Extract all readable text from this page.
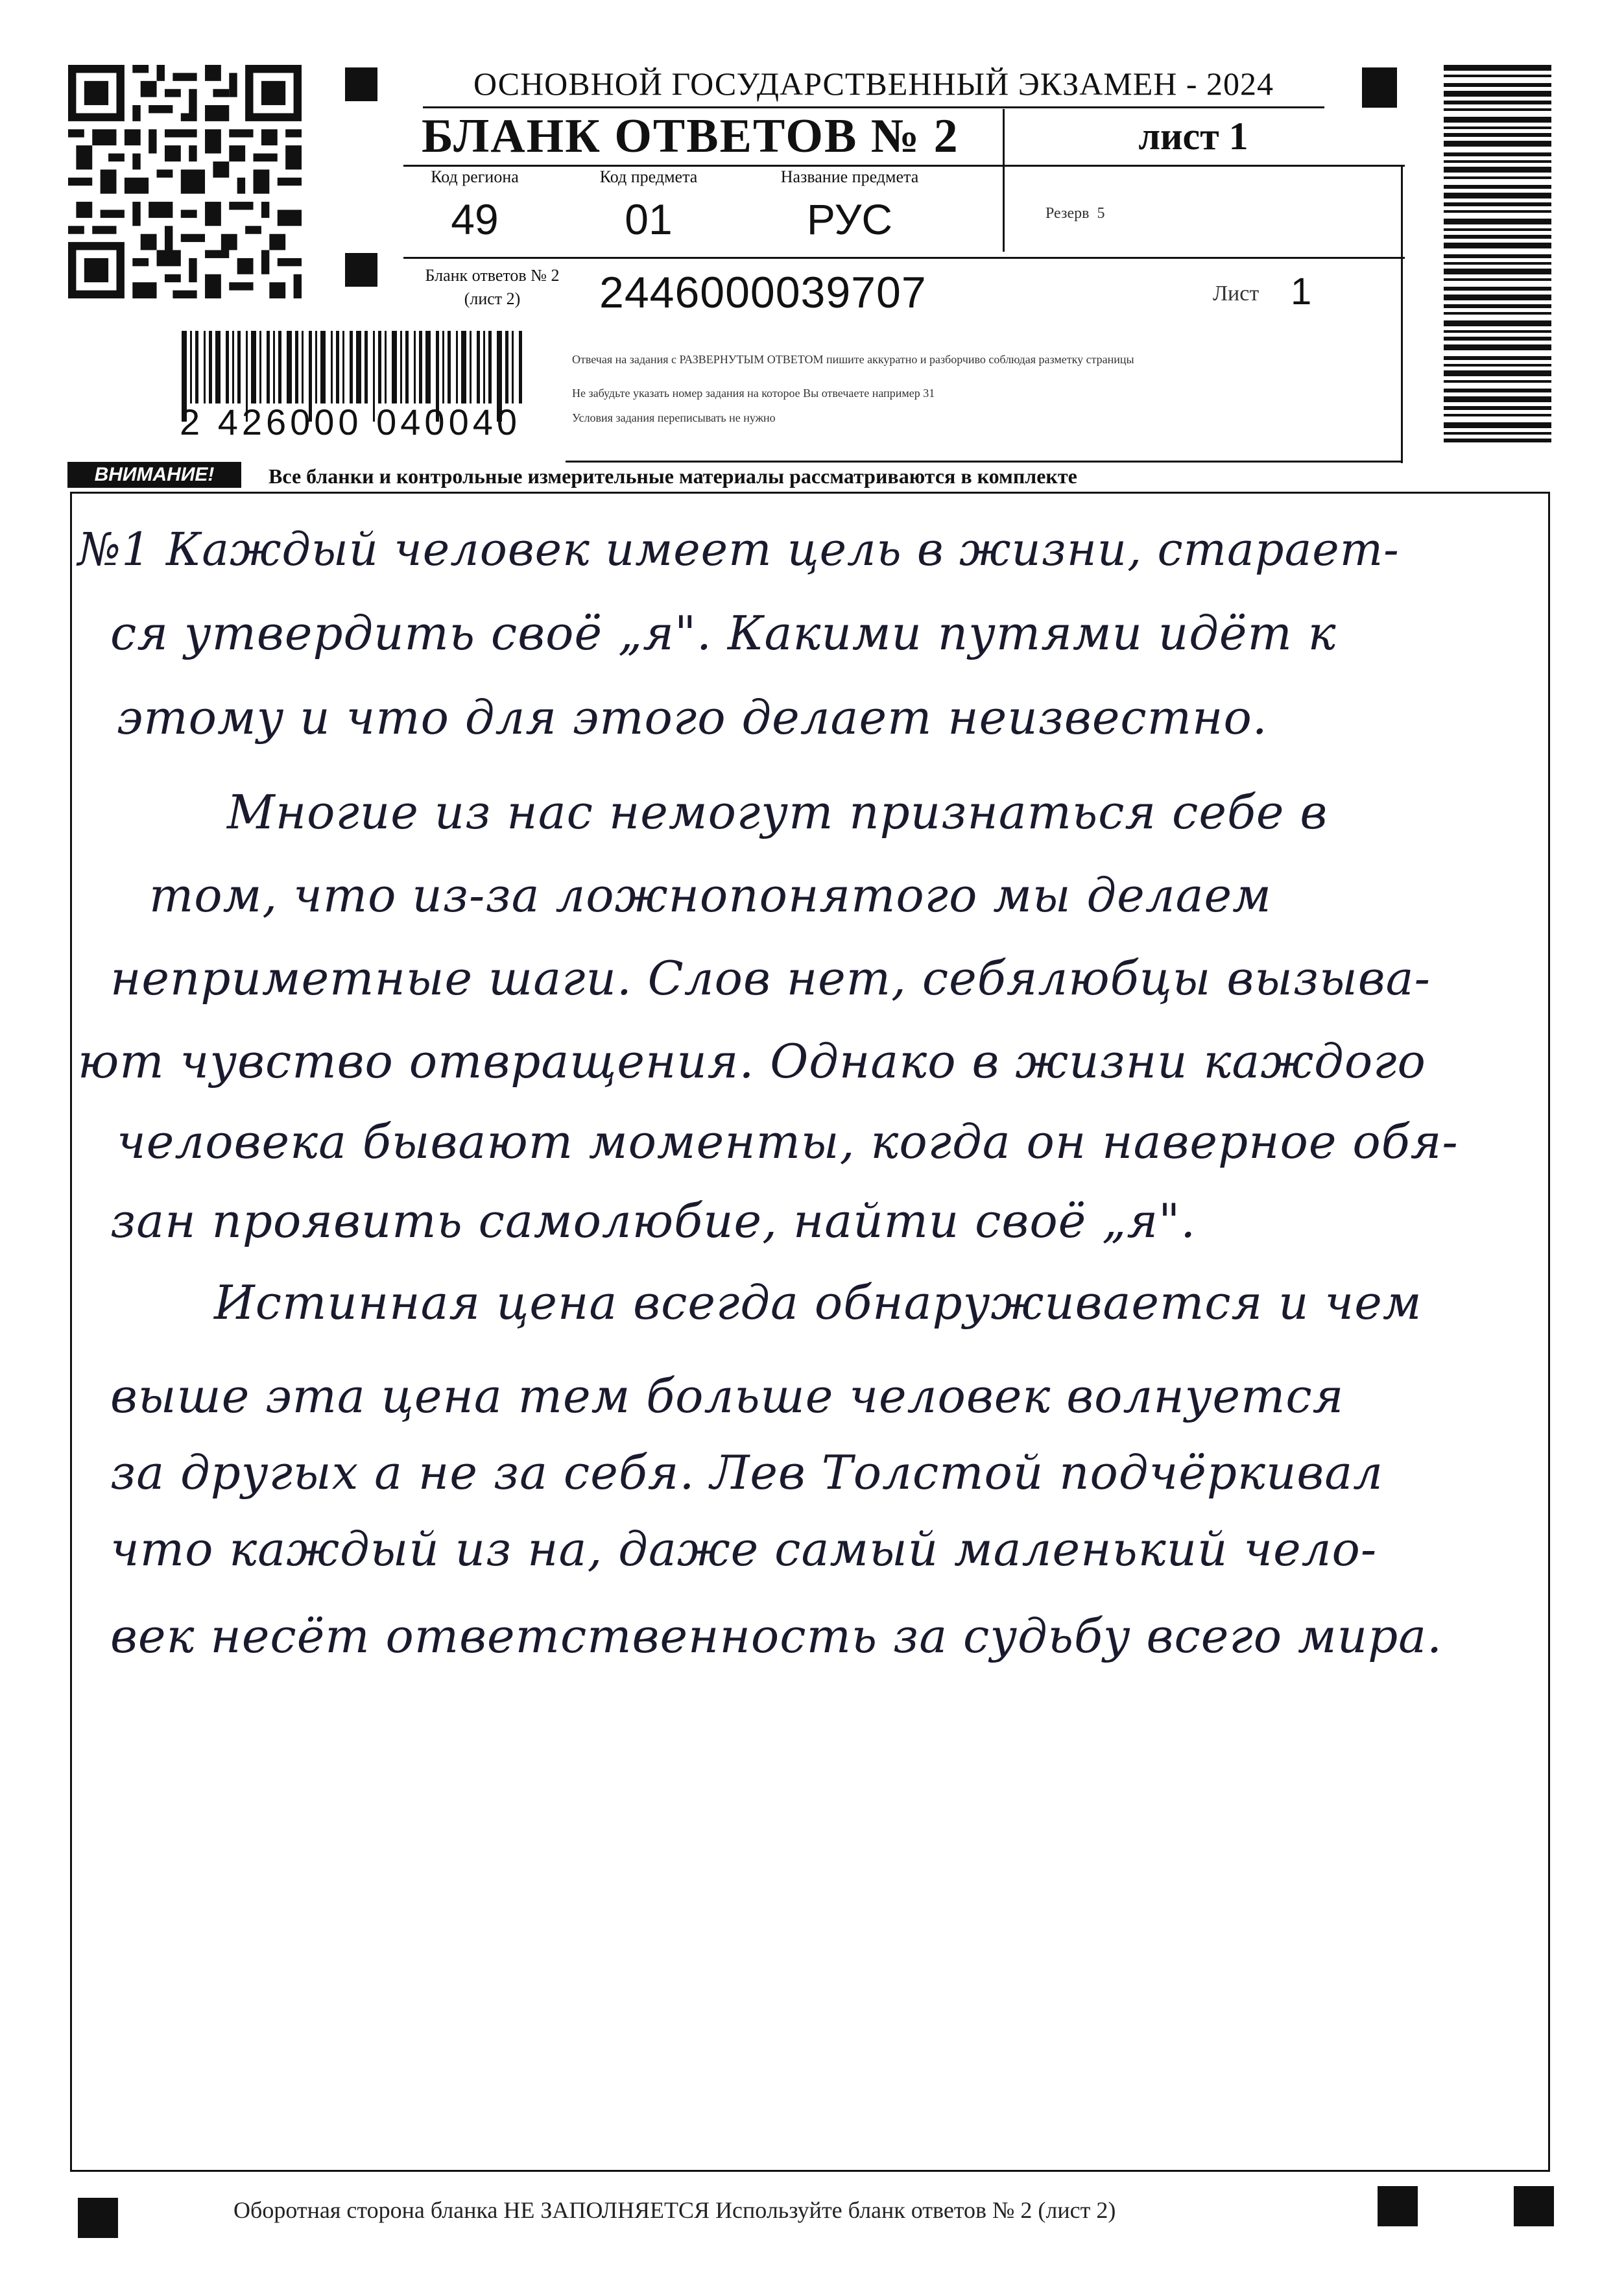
ОСНОВНОЙ ГОСУДАРСТВЕННЫЙ ЭКЗАМЕН - 2024
БЛАНК ОТВЕТОВ № 2	лист 1
Код региона
49
Код предмета
01
Название предмета
РУС	Резерв  5
Бланк ответов № 2
(лист 2)	2446000039707	Лист 1
2 426000 040040
Отвечая на задания с РАЗВЕРНУТЫМ ОТВЕТОМ пишите аккуратно и разборчиво соблюдая разметку страницы
Не забудьте указать номер задания на которое Вы отвечаете например 31
Условия задания переписывать не нужно
ВНИМАНИЕ!	Все бланки и контрольные измерительные материалы рассматриваются в комплекте
№1 Каждый человек имеет цель в жизни, старает-
ся утвердить своё „я". Какими путями идёт к
этому и что для этого делает неизвестно.
Многие из нас немогут признаться себе в
том, что из-за ложнопонятого мы делаем
неприметные шаги. Слов нет, себялюбцы вызыва-
ют чувство отвращения. Однако в жизни каждого
человека бывают моменты, когда он наверное обя-
зан проявить самолюбие, найти своё „я".
Истинная цена всегда обнаруживается и чем
выше эта цена тем больше человек волнуется
за другых а не за себя. Лев Толстой подчёркивал
что каждый из на, даже самый маленький чело-
век несёт ответственность за судьбу всего мира.
Оборотная сторона бланка НЕ ЗАПОЛНЯЕТСЯ Используйте бланк ответов № 2 (лист 2)
